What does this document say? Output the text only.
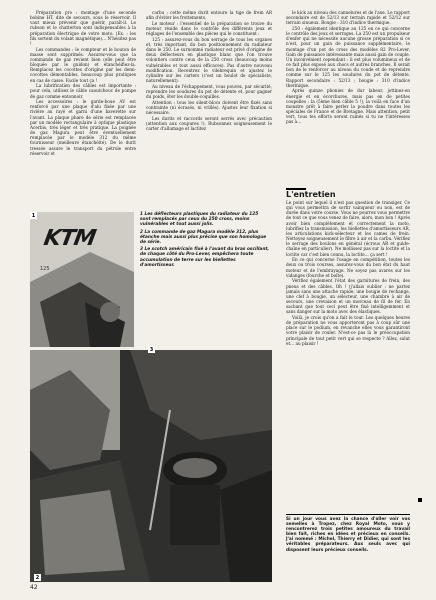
Préparation pro : montage d'une seconde bobine HT, dite de secours, sous le réservoir. Il vaut mieux prévenir que guérir, paraît-il. Le rubson et le chatterton sont indispensables à la préparation électrique de votre moto. (Ex. : les fils sortent du volant magnétique)... N'hésitez pas !

Les commandes : le compteur et le bouton de masse sont supprimés. Assurez-vous que la commande de gaz revient bien (elle peut être bloquée par le guidon) et étanchéifiez-la. Remplacez les cocottes d'origine par les demi-cocottes démontables, beaucoup plus pratiques en cas de casse. Facile tout ça !

La lubrification des câbles est importante : pour cela, utilisez le câble caoutchouc de pompe de gaz comme entonnoir.

Les accessoires : le garde-boue AV est renforcé par une plaque d'alu fixée par une rivière au rayé et garni d'une baverette sur l'avant. La plaque phare de série est remplacée par un modèle rectangulaire à optique plastique Acerbis, très léger et très pratique. La poignée de gaz Magura peut être éventuellement remplacée par le modèle 312 du même fournisseur (meilleure étanchéité). De le durit tressée assure le transport du pétrole entre réservoir et

carbu ; cette même durit entoure la tige de frein AR afin d'éviter les frottements.

Le moteur : l'essentiel de la préparation se trouve du moteur réside dans le contrôle des différents jeux et réglages de l'ensemble des pièces qui le constituent :

125 : assurez-vous du bon serrage de tous les organes et, très important, du bon positionnement du radiateur dans le 250. Le surnommé radiateur est privé d'origine de deux déflecteurs en plastique blanc que l'on trouve volontiers contre ceux de la 250 cross (beaucoup moins vulnérables et tout aussi efficaces). Pas d'autre nouveau modification. Recentrez le vilebrequin et ajustez le cylindre sur les carters (c'est un boulot de spécialiste, naturellement).

Au niveau de l'échappement, vous pouvez, par sécurité, reprendre les soudures du pot de détente et, pour gagner du poids, ôter les double-coquilles.

Attention : tous les silent-blocs doivent être fixés sans contrainte (ni écrasés, ni vrillés). Ajustez leur fixation si nécessaire.

Les durits et raccords seront serrés avec précaution (attention aux coupures !). Rubsonnez soigneusement le carter d'allumage et lactitez

le kick au niveau des cannelures et de l'axe. Le rapport secondaire est de 52/13 sur terrain rapide et 52/12 sur terrain sinueux. Bougie : 310 d'indice thermique.

250 : également identique au 125 en ce qui concerne le contrôle des jeux et serrages. La 250 est un propulseur d'enfer qui ne nécessite aucune grosse préparation si ce n'est, pour un gain de puissance supplémentaire, le montage d'un pot de cross des modèles 82 Pro-Lever. Gain de puissance intéressante mais aussi gain de couple. Un inconvénient cependant : il est plus volumineux et de ce fait plus exposé aux chocs et autres branches. Il serait bon de le renforcer au niveau du coude et de reprendre comme sur le 125 les soudures du pot de détente. Rapport secondaire : 52/13 ; bougie : 310 d'indice thermique.

Après quinze phonies de dur labeur, jottinez-en énergie et en écorchures, mais pas en de petites coupelles : la (5ème bien câble 5 !), la voilà en face d'un monstre prêt à faire perler la poudre dans toutes les spéciales de France et de Bretagne. Mais attention, petit vert, tous tes efforts seront ruinés si tu ne t'intéresses pas à...

L'entretien

Le point sur lequel il n'est pas question de transiger. Ce qui vous permettra de sortir vainqueur ou non, est de durée dans votre course. Vous ne pourrez vous permettre de tout ce que vous venez de faire, alors, mon bon ! Après avoir bien complètement et correctement la moto, lubrifiez la transmission, les biellettes d'amortisseurs AR, les articulations kick-sélecteur et les cames de frein. Nettoyez soigneusement le filtre à air et la carbu. Vérifiez le serrage des boulons en général (écrous AR et guide-chaîne en particulier). Ne mollissez pas sur la loctite et la loctite car c'est bien connu, la loctite... ça sert !

En ce qui concerne l'usage en compétition, toutes les deux ou trois courses, assurez-vous du bon état du haut moteur et de l'embrayage. Ne soyez pas avares sur les vidanges (fourche et boîte).

Vérifiez également l'état des garnitures de frein, des pneus et des câbles. Oh ! (j'allais oublier : ne partez jamais sans une attache rapide, une bougie de rechange, une clef à bougie, un sélecteur, une chambre à air de secours, une crevaison et un morceau de fil de fer. En sachant que tout ceci peut être fixé intelligemment et sans danger sur la moto avec des élastiques.

Voilà, je crois qu'on a fait le tour. Les quelques heures de préparation ne vous apporteront pas à coup sûr une place sur le podium, en revanche elles vous garantiront votre plaisir de rouler. N'est-ce pas là le préoccupation principale de tout petit vert qui se respecte ? Allez, salut et... au plaisir !

KTM
125
1	1 Les déflecteurs plastiques du radiateur du 125 sont remplacés par ceux du 250 cross, moins vulnérables et tout aussi jolis.

2 La commande de gaz Magura modèle 312, plus étanche mais aussi plus précise que son homologue de série.

3 Le scotch américain fixé à l'avant du bras oscillant, de chaque côté du Pro-Lever, empêchera toute accumulation de terre sur les biellettes d'amortisseur.

2
3
Si un jour vous avez la chance d'aller voir vos semelles à Tropez, chez Royal Moto, vous y rencontrerez trois petites amoureux du travail bien fait, riches en idées et précieux en conseils. J'ai nommé : Michel, Thierry et Didier, qui sont les véritables préparateurs. Aux seuls avec qui disposent leurs précieux conseils.
42
